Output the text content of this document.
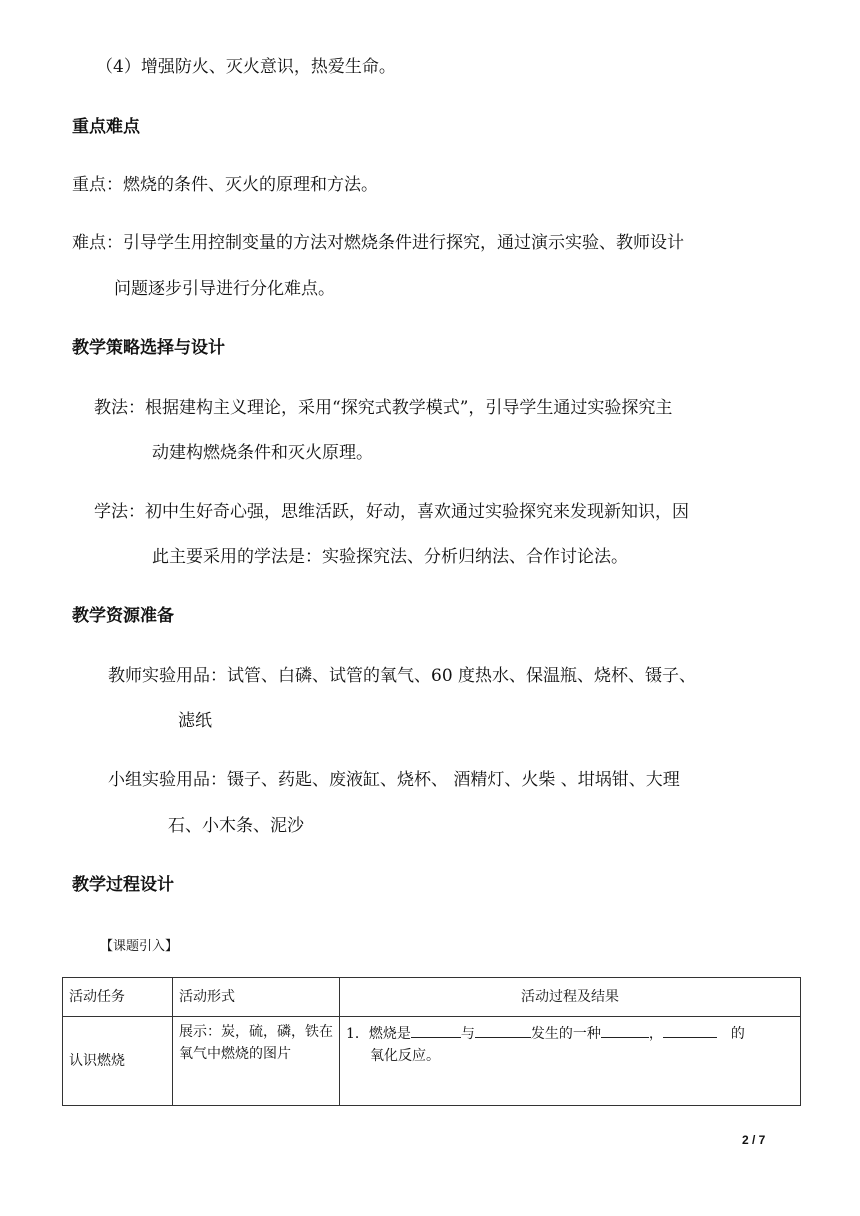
（4）增强防火、灭火意识，热爱生命。
重点难点
重点：燃烧的条件、灭火的原理和方法。
难点：引导学生用控制变量的方法对燃烧条件进行探究，通过演示实验、教师设计
问题逐步引导进行分化难点。
教学策略选择与设计
教法：根据建构主义理论，采用“探究式教学模式”，引导学生通过实验探究主
动建构燃烧条件和灭火原理。
学法：初中生好奇心强，思维活跃，好动，喜欢通过实验探究来发现新知识，因
此主要采用的学法是：实验探究法、分析归纳法、合作讨论法。
教学资源准备
教师实验用品：试管、白磷、试管的氧气、60 度热水、保温瓶、烧杯、镊子、
滤纸
小组实验用品：镊子、药匙、废液缸、烧杯、 酒精灯、火柴 、坩埚钳、大理
石、小木条、泥沙
教学过程设计
【课题引入】
活动任务	活动形式	活动过程及结果
认识燃烧	展示：炭，硫，磷，铁在氧气中燃烧的图片	1．燃烧是 与 发生的一种 ， 的
氧化反应。
2 / 7
